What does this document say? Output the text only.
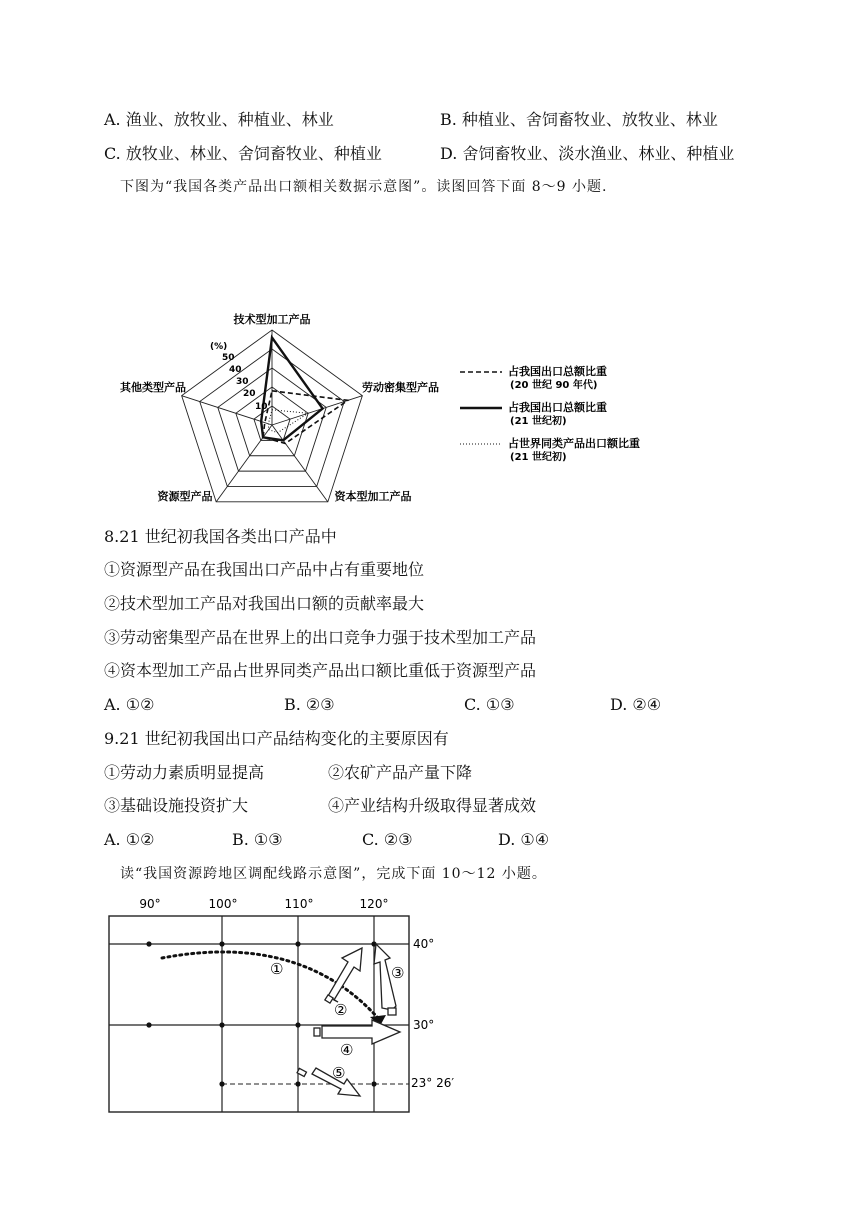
A. 渔业、放牧业、种植业、林业	B. 种植业、舍饲畜牧业、放牧业、林业
C. 放牧业、林业、舍饲畜牧业、种植业	D. 舍饲畜牧业、淡水渔业、林业、种植业
下图为“我国各类产品出口额相关数据示意图”。读图回答下面 8～9 小题.
技术型加工产品
劳动密集型产品
资本型加工产品
资源型产品
其他类型产品
(%)
50
40
30
20
10
占我国出口总额比重
(20 世纪 90 年代)
占我国出口总额比重
(21 世纪初)
占世界同类产品出口额比重
(21 世纪初)
8.21 世纪初我国各类出口产品中
①资源型产品在我国出口产品中占有重要地位
②技术型加工产品对我国出口额的贡献率最大
③劳动密集型产品在世界上的出口竞争力强于技术型加工产品
④资本型加工产品占世界同类产品出口额比重低于资源型产品
A. ①②	B. ②③	C. ①③	D. ②④
9.21 世纪初我国出口产品结构变化的主要原因有
①劳动力素质明显提高	②农矿产品产量下降
③基础设施投资扩大	④产业结构升级取得显著成效
A. ①②	B. ①③	C. ②③	D. ①④
读“我国资源跨地区调配线路示意图”，完成下面 10～12 小题。
90°	100°	110°	120°
40°
30°
23° 26′
①
②
③
④
⑤
